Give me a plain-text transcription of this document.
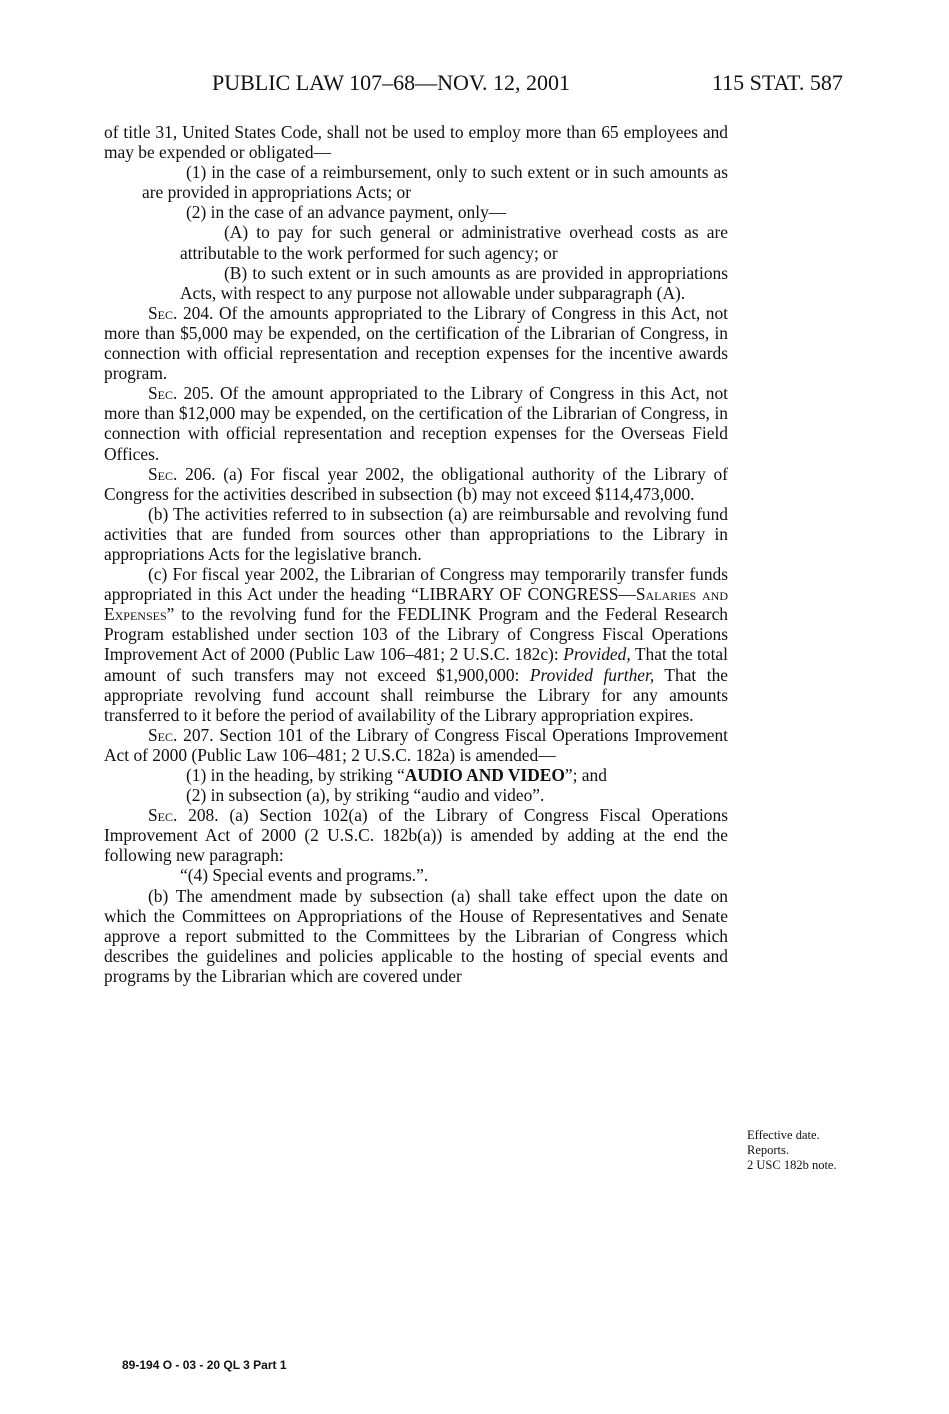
PUBLIC LAW 107–68—NOV. 12, 2001	115 STAT. 587

of title 31, United States Code, shall not be used to employ more than 65 employees and may be expended or obligated—

(1) in the case of a reimbursement, only to such extent or in such amounts as are provided in appropriations Acts; or

(2) in the case of an advance payment, only—

(A) to pay for such general or administrative overhead costs as are attributable to the work performed for such agency; or

(B) to such extent or in such amounts as are provided in appropriations Acts, with respect to any purpose not allowable under subparagraph (A).

Sec. 204. Of the amounts appropriated to the Library of Congress in this Act, not more than $5,000 may be expended, on the certification of the Librarian of Congress, in connection with official representation and reception expenses for the incentive awards program.

Sec. 205. Of the amount appropriated to the Library of Congress in this Act, not more than $12,000 may be expended, on the certification of the Librarian of Congress, in connection with official representation and reception expenses for the Overseas Field Offices.

Sec. 206. (a) For fiscal year 2002, the obligational authority of the Library of Congress for the activities described in subsection (b) may not exceed $114,473,000.

(b) The activities referred to in subsection (a) are reimbursable and revolving fund activities that are funded from sources other than appropriations to the Library in appropriations Acts for the legislative branch.

(c) For fiscal year 2002, the Librarian of Congress may temporarily transfer funds appropriated in this Act under the heading “LIBRARY OF CONGRESS—Salaries and Expenses” to the revolving fund for the FEDLINK Program and the Federal Research Program established under section 103 of the Library of Congress Fiscal Operations Improvement Act of 2000 (Public Law 106–481; 2 U.S.C. 182c): Provided, That the total amount of such transfers may not exceed $1,900,000: Provided further, That the appropriate revolving fund account shall reimburse the Library for any amounts transferred to it before the period of availability of the Library appropriation expires.

Sec. 207. Section 101 of the Library of Congress Fiscal Operations Improvement Act of 2000 (Public Law 106–481; 2 U.S.C. 182a) is amended—

(1) in the heading, by striking “AUDIO AND VIDEO”; and

(2) in subsection (a), by striking “audio and video”.

Sec. 208. (a) Section 102(a) of the Library of Congress Fiscal Operations Improvement Act of 2000 (2 U.S.C. 182b(a)) is amended by adding at the end the following new paragraph:

“(4) Special events and programs.”.

(b) The amendment made by subsection (a) shall take effect upon the date on which the Committees on Appropriations of the House of Representatives and Senate approve a report submitted to the Committees by the Librarian of Congress which describes the guidelines and policies applicable to the hosting of special events and programs by the Librarian which are covered under

Effective date.
Reports.
2 USC 182b note.
89-194 O - 03 - 20 QL 3 Part 1
